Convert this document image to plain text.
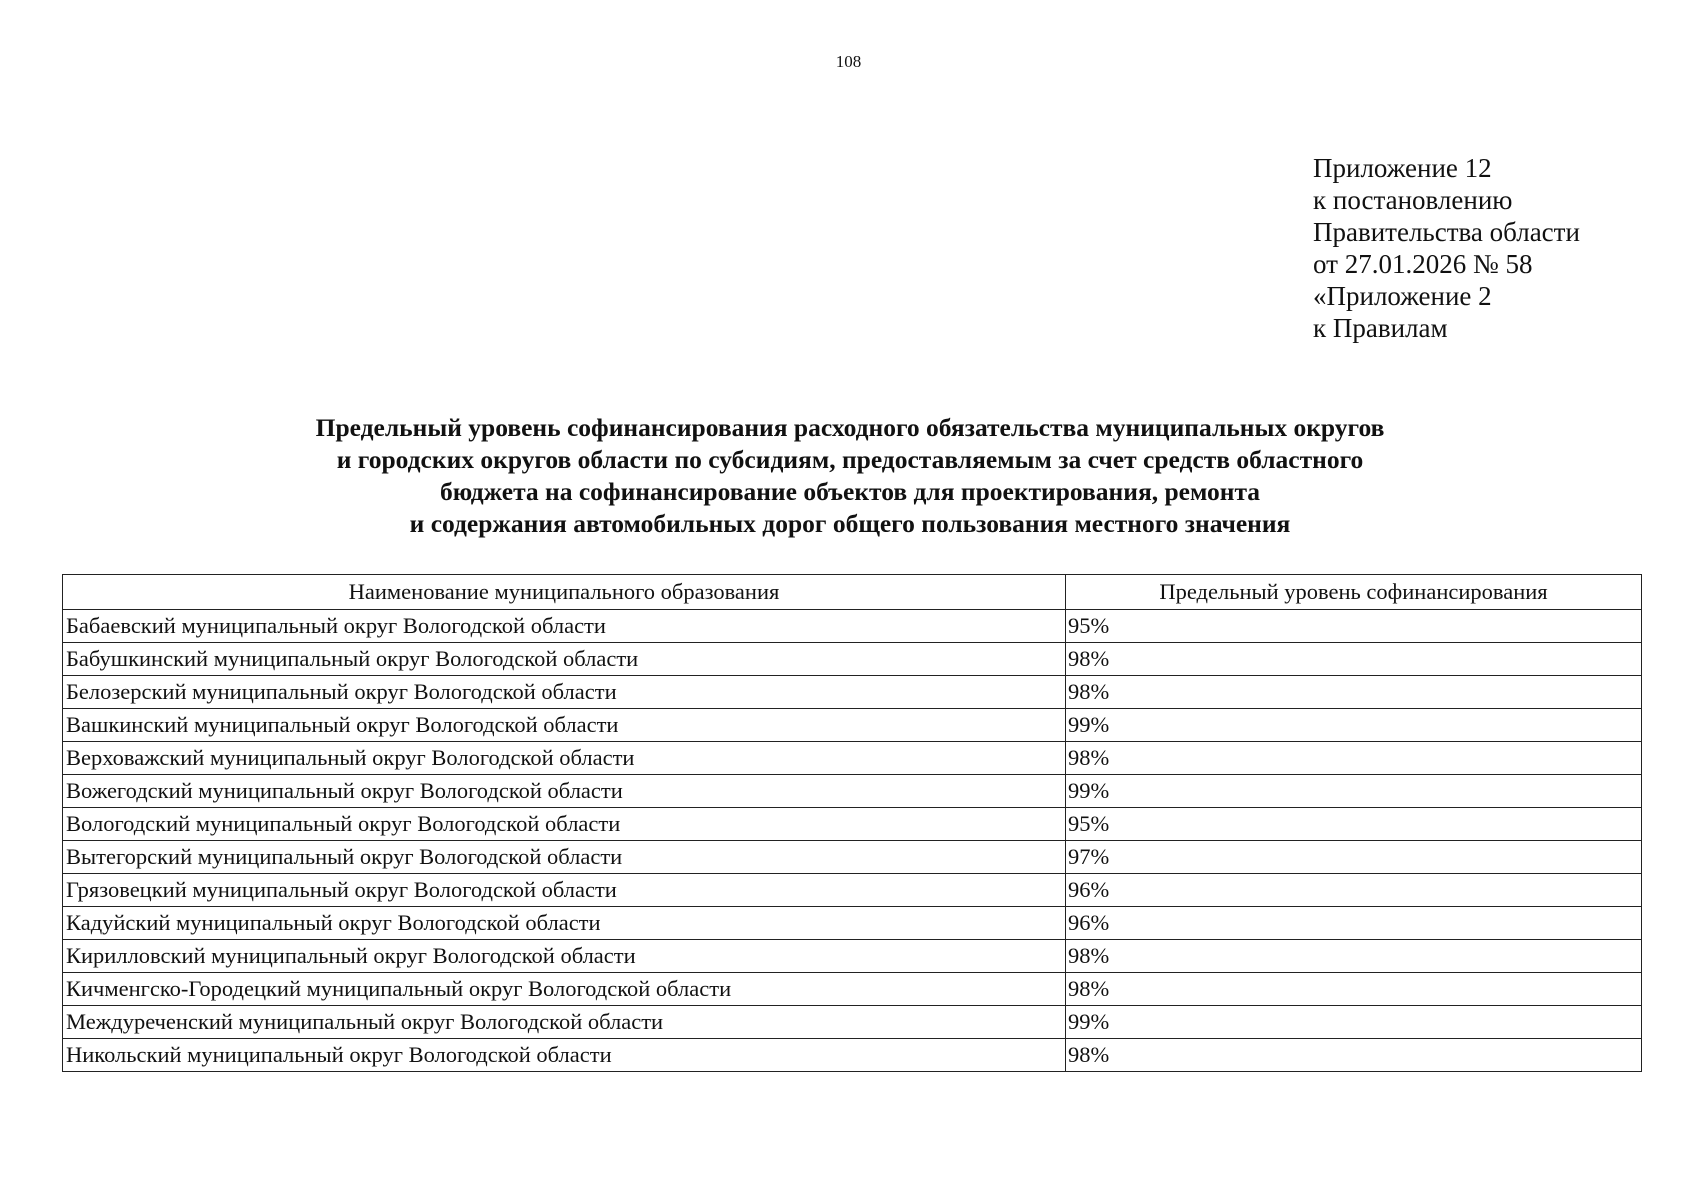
108
Приложение 12
к постановлению
Правительства области
от 27.01.2026 № 58
«Приложение 2
к Правилам
Предельный уровень софинансирования расходного обязательства муниципальных округов
и городских округов области по субсидиям, предоставляемым за счет средств областного
бюджета на софинансирование объектов для проектирования, ремонта
и содержания автомобильных дорог общего пользования местного значения
Наименование муниципального образования	Предельный уровень софинансирования
Бабаевский муниципальный округ Вологодской области	95%
Бабушкинский муниципальный округ Вологодской области	98%
Белозерский муниципальный округ Вологодской области	98%
Вашкинский муниципальный округ Вологодской области	99%
Верховажский муниципальный округ Вологодской области	98%
Вожегодский муниципальный округ Вологодской области	99%
Вологодский муниципальный округ Вологодской области	95%
Вытегорский муниципальный округ Вологодской области	97%
Грязовецкий муниципальный округ Вологодской области	96%
Кадуйский муниципальный округ Вологодской области	96%
Кирилловский муниципальный округ Вологодской области	98%
Кичменгско-Городецкий муниципальный округ Вологодской области	98%
Междуреченский муниципальный округ Вологодской области	99%
Никольский муниципальный округ Вологодской области	98%
